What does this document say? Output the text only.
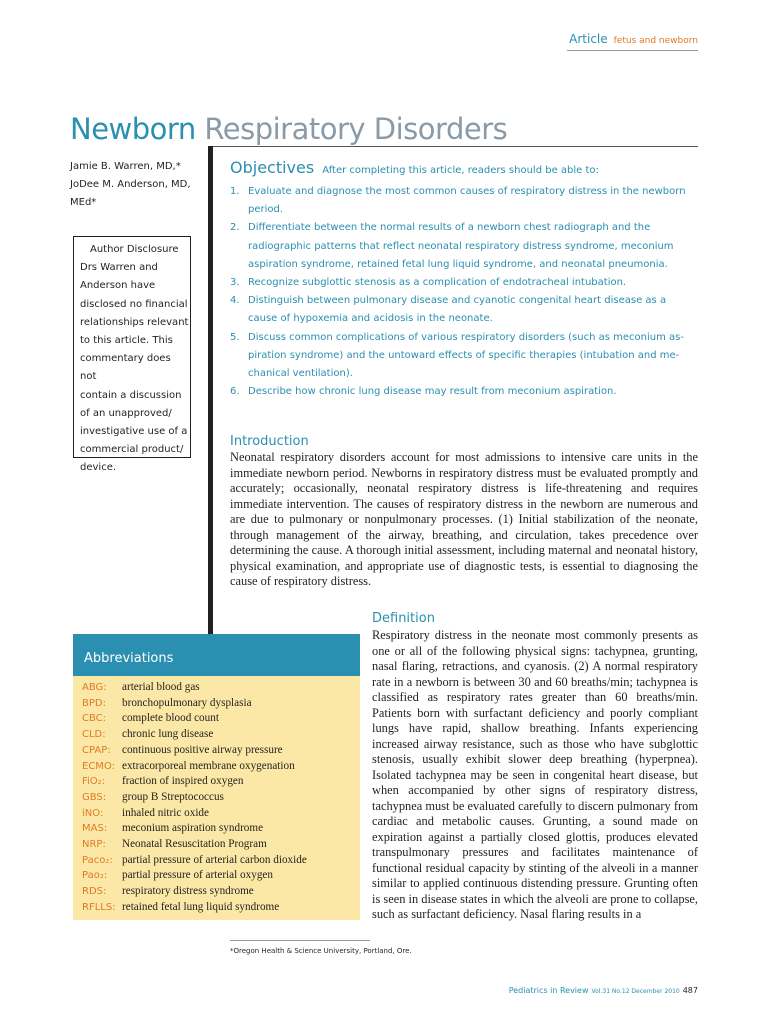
Article fetus and newborn
Newborn Respiratory Disorders
Jamie B. Warren, MD,*
JoDee M. Anderson, MD,
MEd*
Author Disclosure
Drs Warren and
Anderson have
disclosed no financial
relationships relevant
to this article. This
commentary does not
contain a discussion
of an unapproved/
investigative use of a
commercial product/
device.
Objectives After completing this article, readers should be able to:
1. Evaluate and diagnose the most common causes of respiratory distress in the newborn
period.
2. Differentiate between the normal results of a newborn chest radiograph and the
radiographic patterns that reflect neonatal respiratory distress syndrome, meconium
aspiration syndrome, retained fetal lung liquid syndrome, and neonatal pneumonia.
3. Recognize subglottic stenosis as a complication of endotracheal intubation.
4. Distinguish between pulmonary disease and cyanotic congenital heart disease as a
cause of hypoxemia and acidosis in the neonate.
5. Discuss common complications of various respiratory disorders (such as meconium as-
piration syndrome) and the untoward effects of specific therapies (intubation and me-
chanical ventilation).
6. Describe how chronic lung disease may result from meconium aspiration.
Introduction
Neonatal respiratory disorders account for most admissions to intensive care units in the immediate newborn period. Newborns in respiratory distress must be evaluated promptly and accurately; occasionally, neonatal respiratory distress is life-threatening and requires immediate intervention. The causes of respiratory distress in the newborn are numerous and are due to pulmonary or nonpulmonary processes. (1) Initial stabilization of the neonate, through management of the airway, breathing, and circulation, takes precedence over determining the cause. A thorough initial assessment, including maternal and neonatal history, physical examination, and appropriate use of diagnostic tests, is essential to diagnosing the cause of respiratory distress.
Definition
Respiratory distress in the neonate most commonly presents as one or all of the following physical signs: tachypnea, grunting, nasal flaring, retractions, and cyanosis. (2) A normal respiratory rate in a newborn is between 30 and 60 breaths/min; tachypnea is classified as respiratory rates greater than 60 breaths/min. Patients born with surfactant deficiency and poorly compliant lungs have rapid, shallow breathing. Infants experiencing increased airway resistance, such as those who have subglottic stenosis, usually exhibit slower deep breathing (hyperpnea). Isolated tachypnea may be seen in congenital heart disease, but when accompanied by other signs of respiratory distress, tachypnea must be evaluated carefully to discern pulmonary from cardiac and metabolic causes. Grunting, a sound made on expiration against a partially closed glottis, produces elevated transpulmonary pressures and facilitates maintenance of functional residual capacity by stinting of the alveoli in a manner similar to applied continuous distending pressure. Grunting often is seen in disease states in which the alveoli are prone to collapse, such as surfactant deficiency. Nasal flaring results in a
Abbreviations
ABG:	arterial blood gas
BPD:	bronchopulmonary dysplasia
CBC:	complete blood count
CLD:	chronic lung disease
CPAP:	continuous positive airway pressure
ECMO: extracorporeal membrane oxygenation
FiO₂:	fraction of inspired oxygen
GBS:	group B Streptococcus
iNO:	inhaled nitric oxide
MAS:	meconium aspiration syndrome
NRP:	Neonatal Resuscitation Program
Paco₂: partial pressure of arterial carbon dioxide
Pao₂:	partial pressure of arterial oxygen
RDS:	respiratory distress syndrome
RFLLS: retained fetal lung liquid syndrome
*Oregon Health & Science University, Portland, Ore.
Pediatrics in Review Vol.31 No.12 December 2010 487
